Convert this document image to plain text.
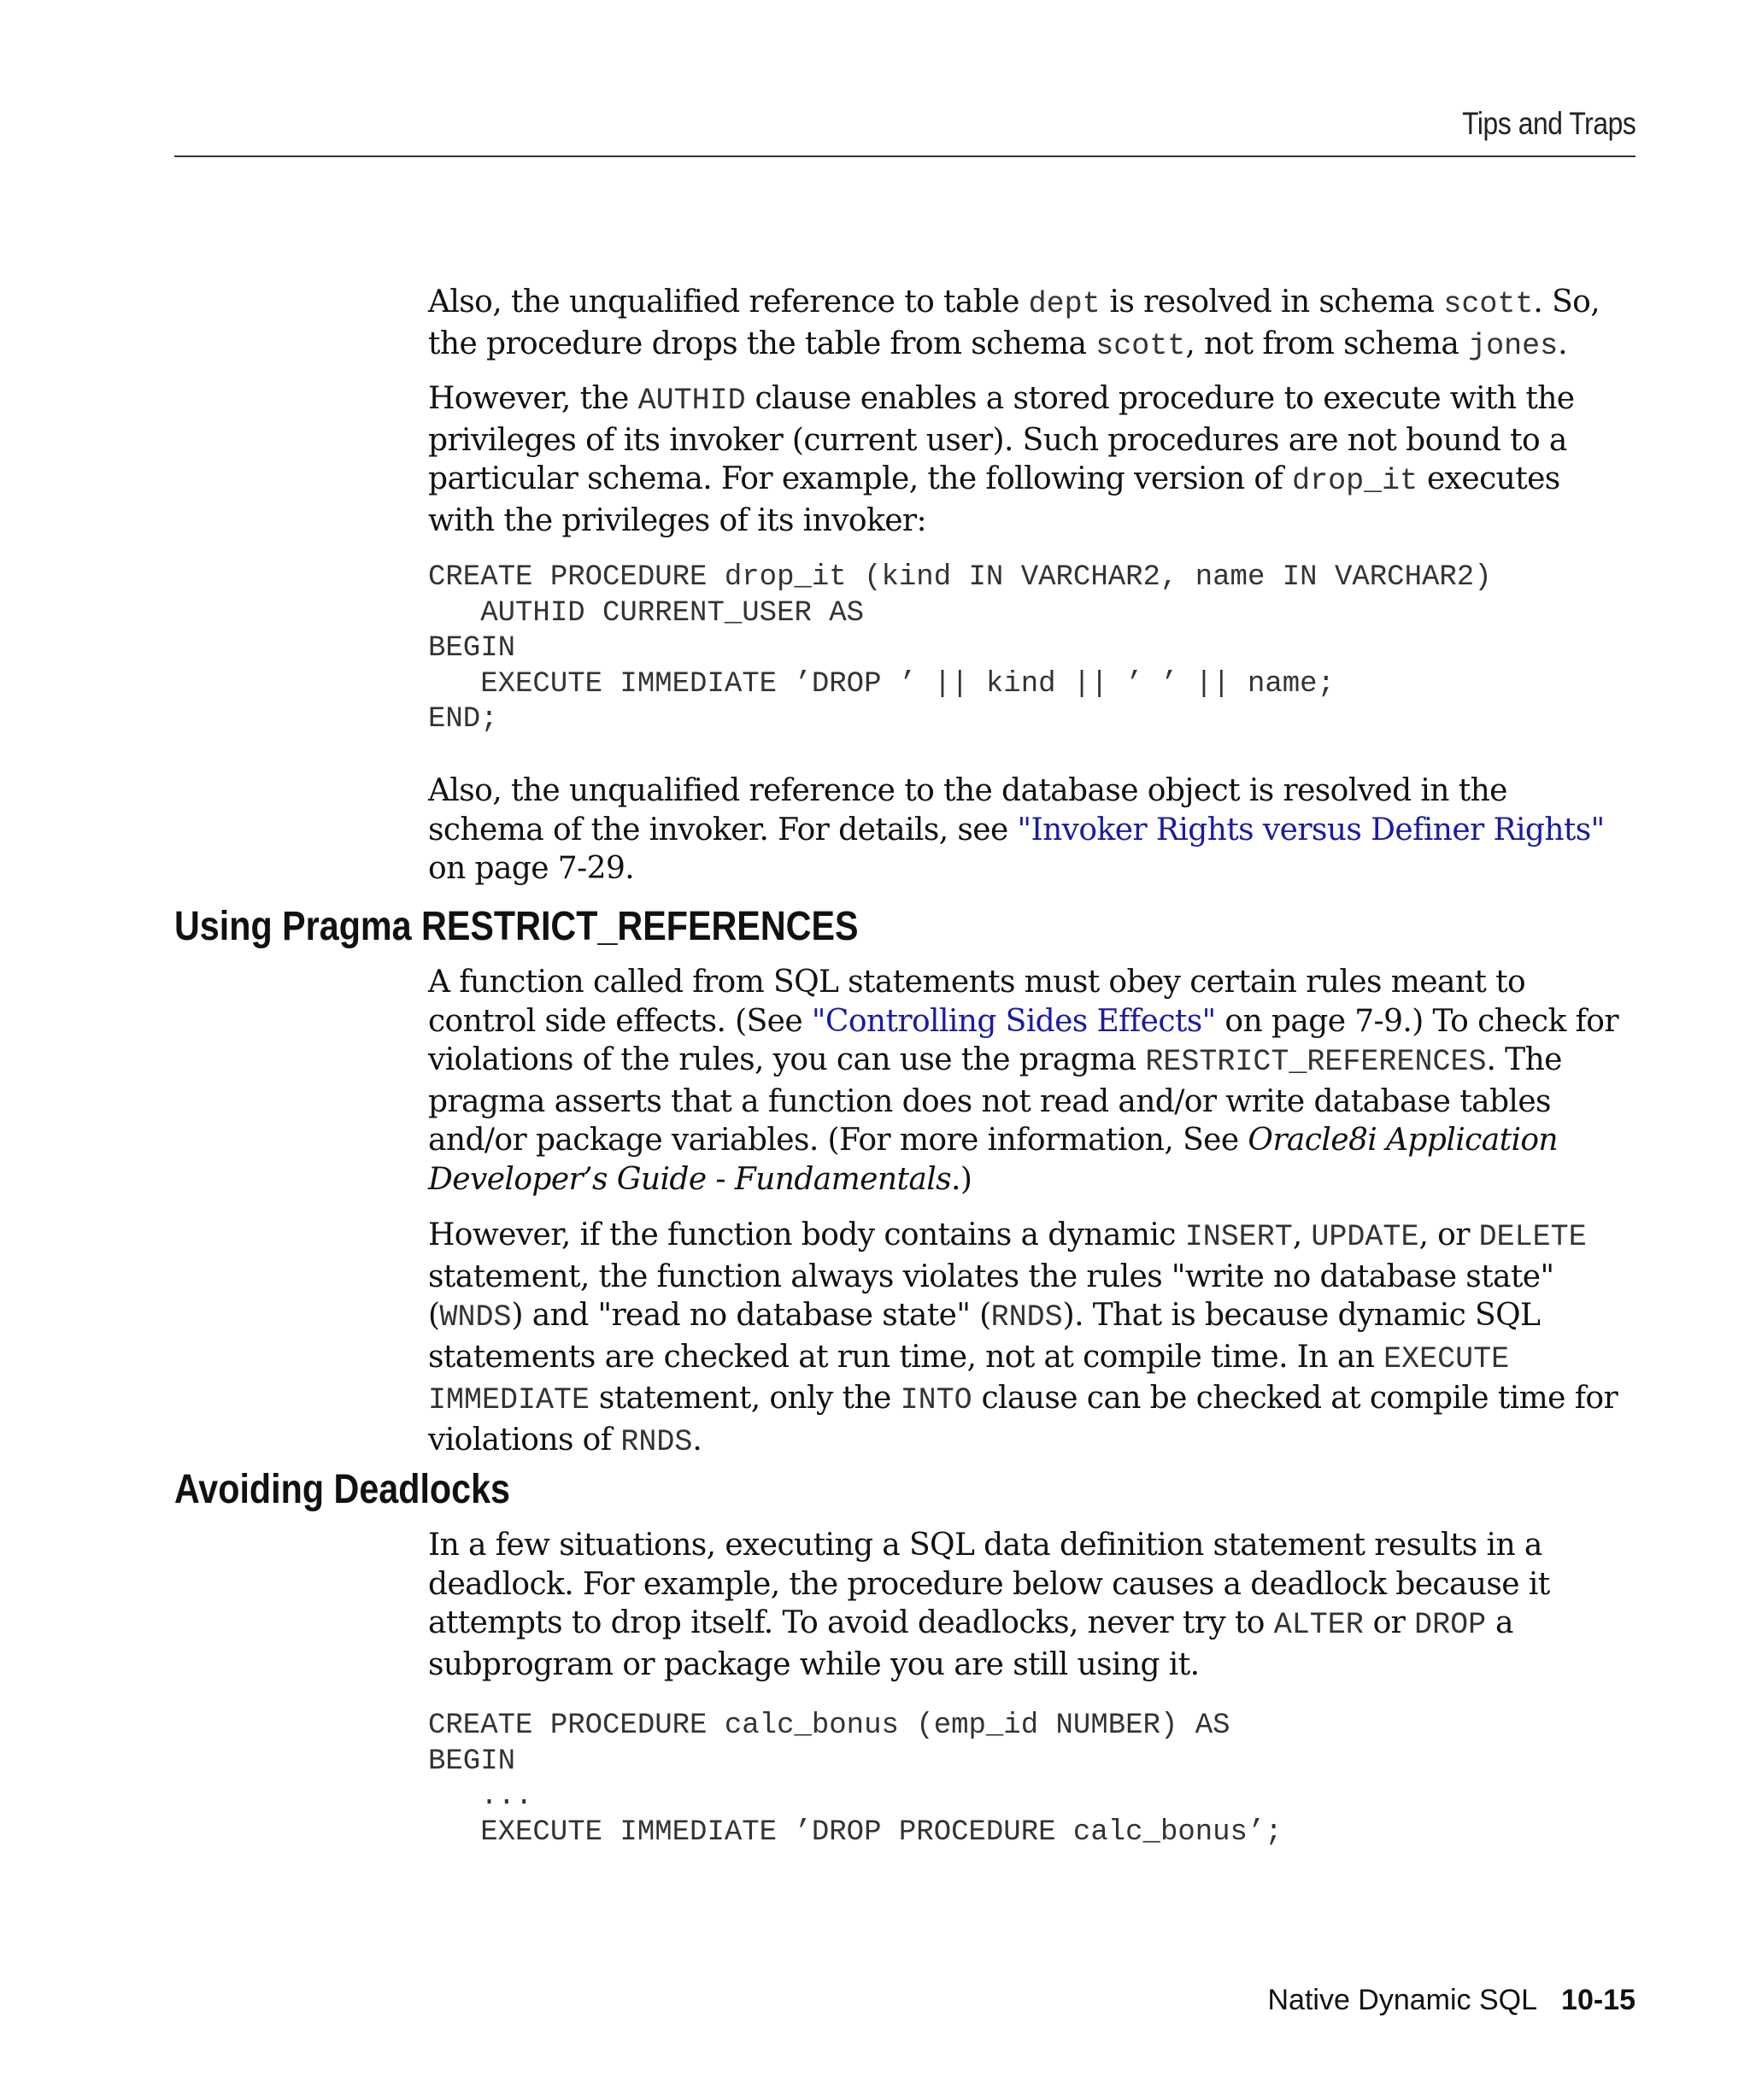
Tips and Traps

Also, the unqualified reference to table dept is resolved in schema scott. So, the procedure drops the table from schema scott, not from schema jones.

However, the AUTHID clause enables a stored procedure to execute with the privileges of its invoker (current user). Such procedures are not bound to a particular schema. For example, the following version of drop_it executes with the privileges of its invoker:

CREATE PROCEDURE drop_it (kind IN VARCHAR2, name IN VARCHAR2)
AUTHID CURRENT_USER AS
BEGIN
EXECUTE IMMEDIATE ’DROP ’ || kind || ’ ’ || name;
END;

Also, the unqualified reference to the database object is resolved in the schema of the invoker. For details, see "Invoker Rights versus Definer Rights" on page 7-29.

Using Pragma RESTRICT_REFERENCES

A function called from SQL statements must obey certain rules meant to control side effects. (See "Controlling Sides Effects" on page 7-9.) To check for violations of the rules, you can use the pragma RESTRICT_REFERENCES. The pragma asserts that a function does not read and/or write database tables and/or package variables. (For more information, See Oracle8i Application Developer’s Guide - Fundamentals.)

However, if the function body contains a dynamic INSERT, UPDATE, or DELETE statement, the function always violates the rules "write no database state" (WNDS) and "read no database state" (RNDS). That is because dynamic SQL statements are checked at run time, not at compile time. In an EXECUTE IMMEDIATE statement, only the INTO clause can be checked at compile time for violations of RNDS.

Avoiding Deadlocks

In a few situations, executing a SQL data definition statement results in a deadlock. For example, the procedure below causes a deadlock because it attempts to drop itself. To avoid deadlocks, never try to ALTER or DROP a subprogram or package while you are still using it.

CREATE PROCEDURE calc_bonus (emp_id NUMBER) AS
BEGIN
...
EXECUTE IMMEDIATE ’DROP PROCEDURE calc_bonus’;
Native Dynamic SQL 10-15
